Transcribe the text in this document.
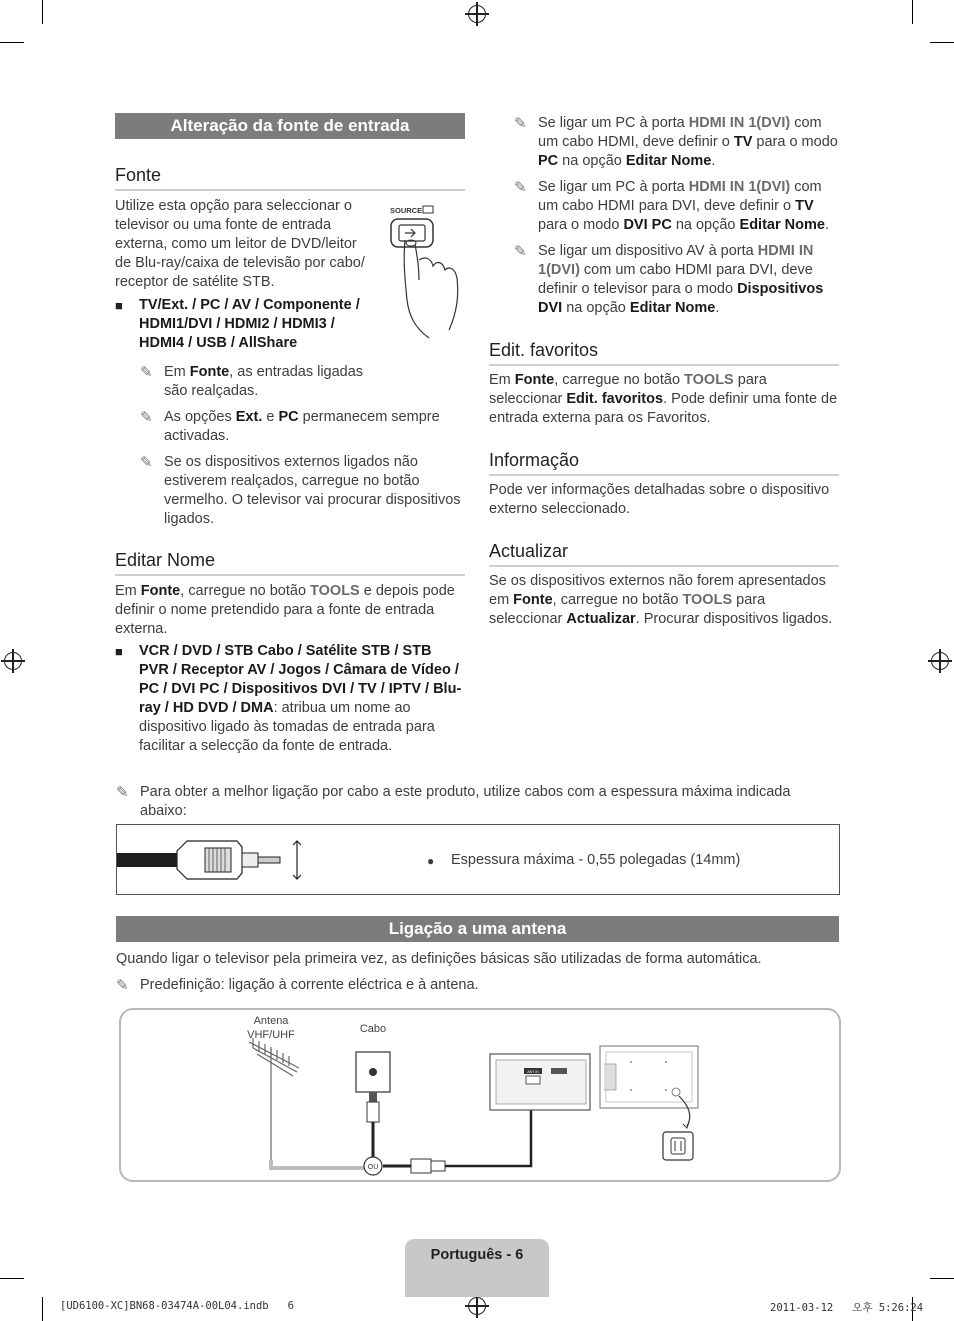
Alteração da fonte de entrada
Fonte
Utilize esta opção para seleccionar o televisor ou uma fonte de entrada externa, como um leitor de DVD/leitor de Blu-ray/caixa de televisão por cabo/ receptor de satélite STB.
SOURCE
■	TV/Ext. / PC / AV / Componente / HDMI1/DVI / HDMI2 / HDMI3 / HDMI4 / USB / AllShare
✎ Em Fonte, as entradas ligadas são realçadas.
✎ As opções Ext. e PC permanecem sempre activadas.
✎ Se os dispositivos externos ligados não estiverem realçados, carregue no botão vermelho. O televisor vai procurar dispositivos ligados.
Editar Nome
Em Fonte, carregue no botão TOOLS e depois pode definir o nome pretendido para a fonte de entrada externa.
■	VCR / DVD / STB Cabo / Satélite STB / STB PVR / Receptor AV / Jogos / Câmara de Vídeo / PC / DVI PC / Dispositivos DVI / TV / IPTV / Blu-ray / HD DVD / DMA: atribua um nome ao dispositivo ligado às tomadas de entrada para facilitar a selecção da fonte de entrada.
✎ Se ligar um PC à porta HDMI IN 1(DVI) com um cabo HDMI, deve definir o TV para o modo PC na opção Editar Nome.
✎ Se ligar um PC à porta HDMI IN 1(DVI) com um cabo HDMI para DVI, deve definir o TV para o modo DVI PC na opção Editar Nome.
✎ Se ligar um dispositivo AV à porta HDMI IN 1(DVI) com um cabo HDMI para DVI, deve definir o televisor para o modo Dispositivos DVI na opção Editar Nome.
Edit. favoritos
Em Fonte, carregue no botão TOOLS para seleccionar Edit. favoritos. Pode definir uma fonte de entrada externa para os Favoritos.
Informação
Pode ver informações detalhadas sobre o dispositivo externo seleccionado.
Actualizar
Se os dispositivos externos não forem apresentados em Fonte, carregue no botão TOOLS para seleccionar Actualizar. Procurar dispositivos ligados.
✎ Para obter a melhor ligação por cabo a este produto, utilize cabos com a espessura máxima indicada abaixo:
● Espessura máxima - 0,55 polegadas (14mm)
Ligação a uma antena
Quando ligar o televisor pela primeira vez, as definições básicas são utilizadas de forma automática.
✎ Predefinição: ligação à corrente eléctrica e à antena.
Antena
VHF/UHF	Cabo
OU
ANT IN
Português - 6
[UD6100-XC]BN68-03474A-00L04.indb   6	2011-03-12   오후 5:26:24
